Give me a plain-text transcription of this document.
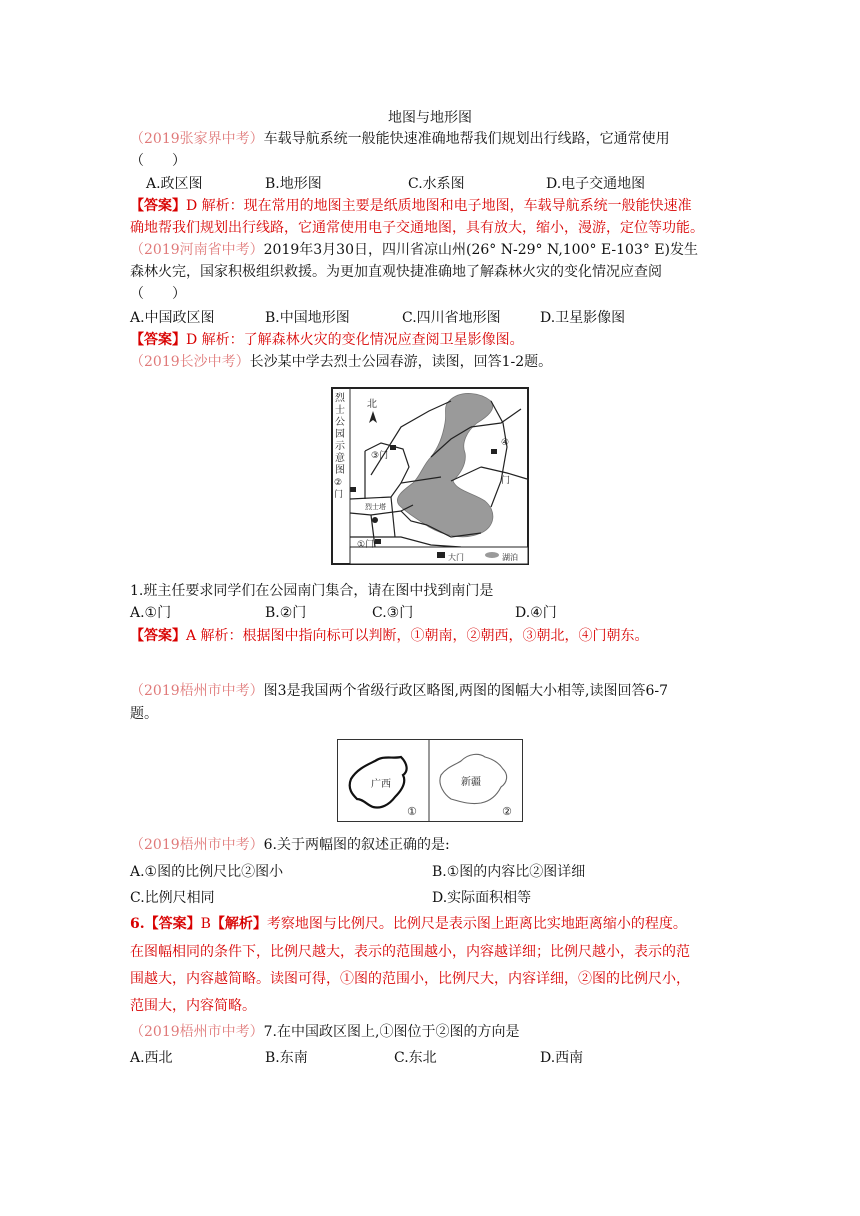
地图与地形图
（2019张家界中考）车载导航系统一般能快速准确地帮我们规划出行线路，它通常使用
（　　）
A.政区图	B.地形图	C.水系图	D.电子交通地图
【答案】D 解析：现在常用的地图主要是纸质地图和电子地图，车载导航系统一般能快速准
确地帮我们规划出行线路，它通常使用电子交通地图，具有放大，缩小，漫游，定位等功能。
（2019河南省中考）2019年3月30日，四川省凉山州(26° N-29° N,100° E-103° E)发生
森林火完，国家积极组织救援。为更加直观快捷准确地了解森林火灾的变化情况应查阅
（　　）
A.中国政区图	B.中国地形图	C.四川省地形图	D.卫星影像图
【答案】D 解析：了解森林火灾的变化情况应查阅卫星影像图。
（2019长沙中考）长沙某中学去烈士公园春游，读图，回答1-2题。
烈
士
公
园
示
意
图
北
③门
②
门
④
门
①门
烈士塔
大门	湖泊
1.班主任要求同学们在公园南门集合，请在图中找到南门是
A.①门	B.②门	C.③门	D.④门
【答案】A 解析：根据图中指向标可以判断，①朝南，②朝西，③朝北，④门朝东。
（2019梧州市中考）图3是我国两个省级行政区略图,两图的图幅大小相等,读图回答6-7
题。
广西
①
新疆
②
（2019梧州市中考）6.关于两幅图的叙述正确的是:
A.①图的比例尺比②图小	B.①图的内容比②图详细
C.比例尺相同	D.实际面积相等
6.【答案】B【解析】考察地图与比例尺。比例尺是表示图上距离比实地距离缩小的程度。
在图幅相同的条件下，比例尺越大，表示的范围越小，内容越详细；比例尺越小，表示的范
围越大，内容越简略。读图可得，①图的范围小，比例尺大，内容详细，②图的比例尺小，
范围大，内容简略。
（2019梧州市中考）7.在中国政区图上,①图位于②图的方向是
A.西北	B.东南	C.东北	D.西南
